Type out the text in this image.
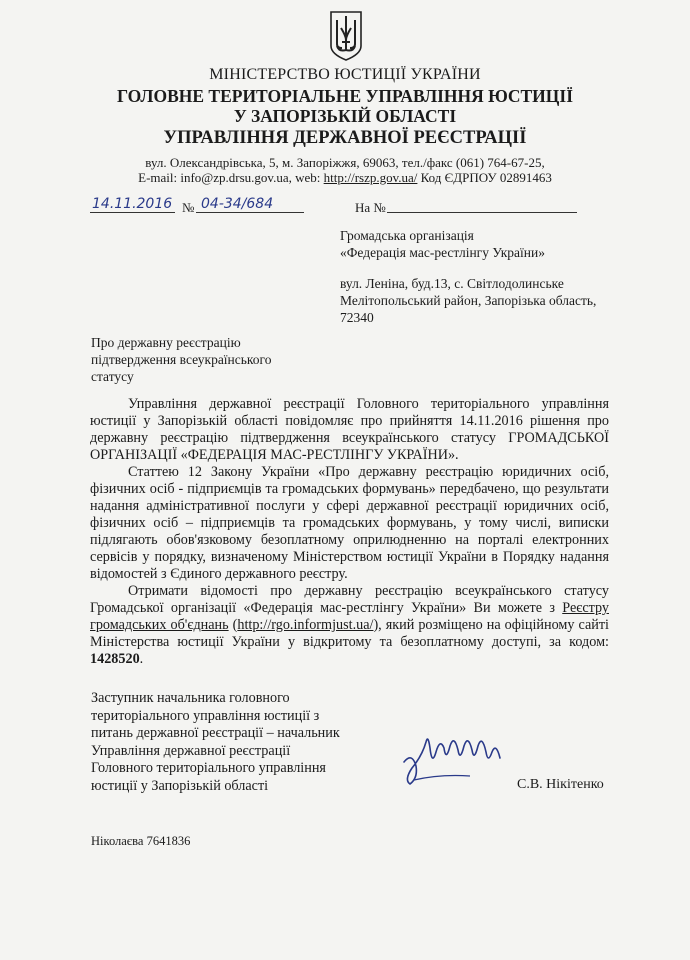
МІНІСТЕРСТВО ЮСТИЦІЇ УКРАЇНИ
ГОЛОВНЕ ТЕРИТОРІАЛЬНЕ УПРАВЛІННЯ ЮСТИЦІЇ
У ЗАПОРІЗЬКІЙ ОБЛАСТІ
УПРАВЛІННЯ ДЕРЖАВНОЇ РЕЄСТРАЦІЇ
вул. Олександрівська, 5, м. Запоріжжя, 69063, тел./факс (061) 764-67-25,
E-mail: info@zp.drsu.gov.ua, web: http://rszp.gov.ua/ Код ЄДРПОУ 02891463
14.11.2016 № 04-34/684	На №
Громадська організація
«Федерація мас-рестлінгу України»
вул. Леніна, буд.13, с. Світлодолинське
Мелітопольський район, Запорізька область,
72340
Про державну реєстрацію
підтвердження всеукраїнського
статусу

Управління державної реєстрації Головного територіального управління юстиції у Запорізькій області повідомляє про прийняття 14.11.2016 рішення про державну реєстрацію підтвердження всеукраїнського статусу ГРОМАДСЬКОЇ ОРГАНІЗАЦІЇ «ФЕДЕРАЦІЯ МАС-РЕСТЛІНГУ УКРАЇНИ».

Статтею 12 Закону України «Про державну реєстрацію юридичних осіб, фізичних осіб - підприємців та громадських формувань» передбачено, що результати надання адміністративної послуги у сфері державної реєстрації юридичних осіб, фізичних осіб – підприємців та громадських формувань, у тому числі, виписки підлягають обов'язковому безоплатному оприлюдненню на порталі електронних сервісів у порядку, визначеному Міністерством юстиції України в Порядку надання відомостей з Єдиного державного реєстру.

Отримати відомості про державну реєстрацію всеукраїнського статусу Громадської організації «Федерація мас-рестлінгу України» Ви можете з Реєстру громадських об'єднань (http://rgo.informjust.ua/), який розміщено на офіційному сайті Міністерства юстиції України у відкритому та безоплатному доступі, за кодом: 1428520.

Заступник начальника головного
територіального управління юстиції з
питань державної реєстрації – начальник
Управління державної реєстрації
Головного територіального управління
юстиції у Запорізькій області	С.В. Нікітенко
Ніколаєва 7641836
